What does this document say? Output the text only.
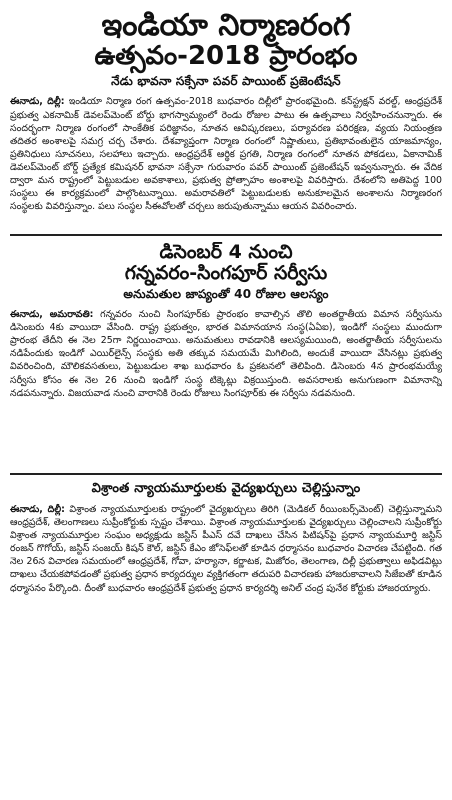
ఇండియా నిర్మాణరంగ
ఉత్సవం-2018 ప్రారంభం
నేడు భావనా సక్సేనా పవర్ పాయింట్ ప్రజెంటేషన్

ఈనాడు, దిల్లీ: ఇండియా నిర్మాణ రంగ ఉత్సవం-2018 బుధవారం దిల్లీలో ప్రారంభమైంది. కన్‌స్ట్రక్షన్ వరల్డ్, ఆంధ్రప్రదేశ్ ప్రభుత్వ ఎకనామిక్ డెవలప్‌మెంట్ బోర్డు భాగస్వామ్యంలో రెండు రోజుల పాటు ఈ ఉత్సవాలు నిర్వహించనున్నారు. ఈ సందర్భంగా నిర్మాణ రంగంలో సాంకేతిక పరిజ్ఞానం, నూతన ఆవిష్కరణలు, పర్యావరణ పరిరక్షణ, వ్యయ నియంత్రణ తదితర అంశాలపై సమగ్ర చర్చ చేశారు. దేశవ్యాప్తంగా నిర్మాణ రంగంలో నిష్ణాతులు, ప్రతిభావంతులైన యాజమాన్యం, ప్రతినిధులు సూచనలు, సలహాలు ఇచ్చారు. ఆంధ్రప్రదేశ్ ఆర్థిక ప్రగతి, నిర్మాణ రంగంలో నూతన పోకడలు, ఏకానామిక్ డెవలప్‌మెంట్ బోర్డ్ ప్రత్యేక కమిషనర్ భావనా సక్సేనా గురువారం పవర్ పాయింట్ ప్రజెంటేషన్ ఇవ్వనున్నారు. ఈ వేదిక ద్వారా మన రాష్ట్రంలో పెట్టుబడుల అవకాశాలు, ప్రభుత్వ ప్రోత్సాహం అంశాలపై వివరిస్తారు. దేశంలోని అతిపెద్ద 100 సంస్థలు ఈ కార్యక్రమంలో పాల్గొంటున్నాయి. అమరావతిలో పెట్టుబడులకు అనుకూలమైన అంశాలను నిర్మాణరంగ సంస్థలకు వివరిస్తున్నాం. పలు సంస్థల సీఈవోలతో చర్చలు జరుపుతున్నాము ఆయన వివరించారు.

డిసెంబర్ 4 నుంచి
గన్నవరం-సింగపూర్ సర్వీసు
అనుమతుల జాప్యంతో 40 రోజుల ఆలస్యం

ఈనాడు, అమరావతి: గన్నవరం నుంచి సింగపూర్‌కు ప్రారంభం కావాల్సిన తొలి అంతర్జాతీయ విమాన సర్వీసును డిసెంబరు 4కు వాయిదా వేసింది. రాష్ట్ర ప్రభుత్వం, భారత విమానయాన సంస్థ(ఏఏఐ), ఇండిగో సంస్థలు ముందుగా ప్రారంభ తేదీని ఈ నెల 25గా నిర్ణయించాయి. అనుమతులు రావడానికి ఆలస్యమయింది, అంతర్జాతీయ సర్వీసులను నడిపేందుకు ఇండిగో ఎయిర్‌లైన్స్ సంస్థకు అతి తక్కువ సమయమే మిగిలింది, అందుకే వాయిదా వేసినట్లు ప్రభుత్వ వివరించింది, మౌలికవసతులు, పెట్టుబడుల శాఖ బుధవారం ఓ ప్రకటనలో తెలిపింది. డిసెంబరు 4న ప్రారంభమయ్యే సర్వీసు కోసం ఈ నెల 26 నుంచి ఇండిగో సంస్థ టిక్కెట్లు విక్రయిస్తుంది. అవసరాలకు అనుగుణంగా విమానాన్ని నడపనున్నారు. విజయవాడ నుంచి వారానికి రెండు రోజులు సింగపూర్‌కు ఈ సర్వీసు నడవనుంది.

విశ్రాంత న్యాయమూర్తులకు వైద్యఖర్చులు చెల్లిస్తున్నాం

ఈనాడు, దిల్లీ: విశ్రాంత న్యాయమూర్తులకు రాష్ట్రంలో వైద్యఖర్చులు తిరిగి (మెడికల్ రీయింబర్స్‌మెంట్) చెల్లిస్తున్నామని ఆంధ్రప్రదేశ్, తెలంగాణలు సుప్రీంకోర్టుకు స్పష్టం చేశాయి. విశ్రాంత న్యాయమూర్తులకు వైద్యఖర్చులు చెల్లించాలని సుప్రీంకోర్టు విశ్రాంత న్యాయమూర్తుల సంఘం అధ్యక్షుడు జస్టిస్ పీఎస్ దవే దాఖలు చేసిన పిటిషన్‌పై ప్రధాన న్యాయమూర్తి జస్టిస్ రంజన్ గొగోయ్, జస్టిస్ సంజయ్ కిషన్ కౌల్, జస్టిస్ కేఎం జోసెఫ్‌లతో కూడిన ధర్మాసనం బుధవారం విచారణ చేపట్టింది. గత నెల 26న విచారణ సమయంలో ఆంధ్రప్రదేశ్, గోవా, హర్యానా, కర్ణాటక, మిజోరం, తెలంగాణ, దిల్లీ ప్రభుత్వాలు అఫిడవిట్లు దాఖలు చేయకపోవడంతో ప్రభుత్వ ప్రధాన కార్యదర్శుల వ్యక్తిగతంగా తదుపరి విచారణకు హాజరుకావాలని సిజేఐతో కూడిన ధర్మాసనం పేర్కొంది. దీంతో బుధవారం ఆంధ్రప్రదేశ్ ప్రభుత్వ ప్రధాన కార్యదర్శి అనిల్ చంద్ర పునేఠ కోర్టుకు హాజరయ్యారు.
